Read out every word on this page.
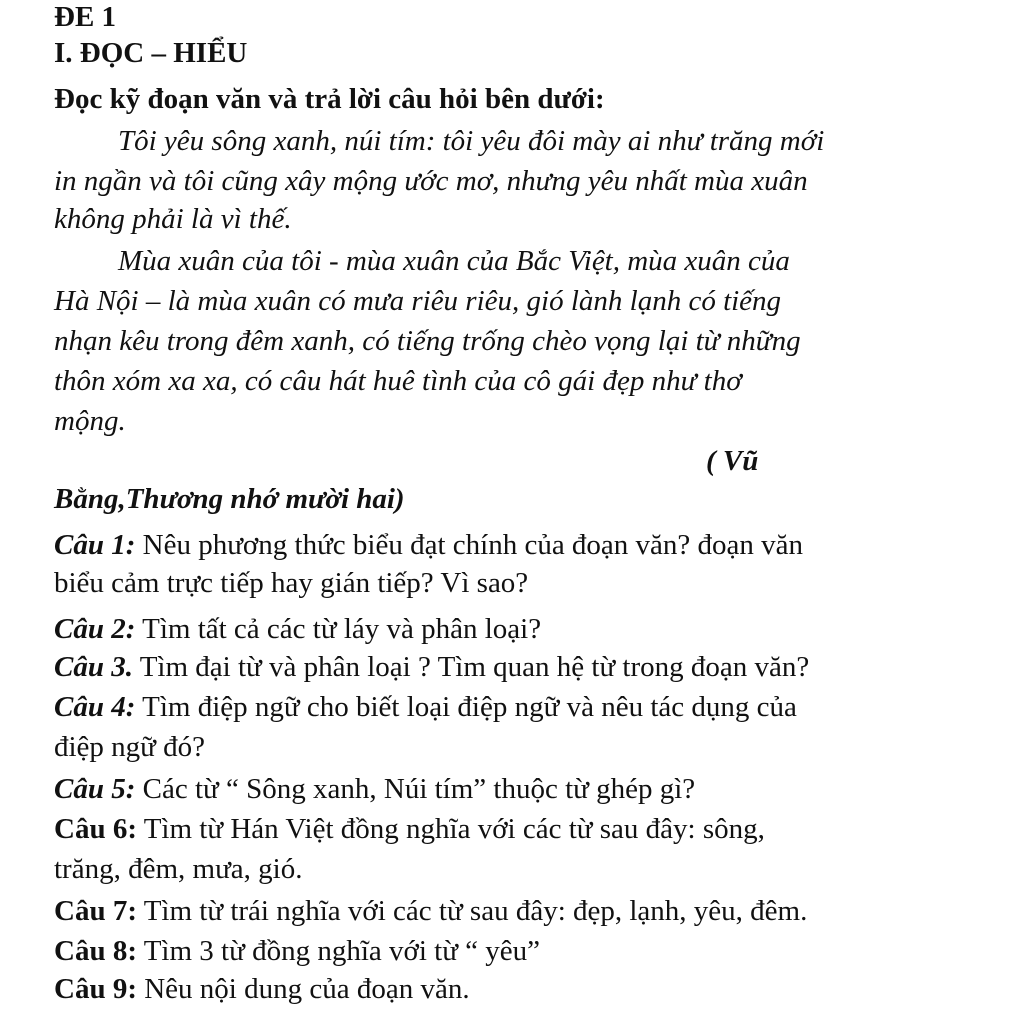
ĐE 1
I. ĐỌC – HIỂU
Đọc kỹ đoạn văn và trả lời câu hỏi bên dưới:
Tôi yêu sông xanh, núi tím: tôi yêu đôi mày ai như trăng mới
in ngần và tôi cũng xây mộng ước mơ, nhưng yêu nhất mùa xuân
không phải là vì thế.
Mùa xuân của tôi - mùa xuân của Bắc Việt, mùa xuân của
Hà Nội – là mùa xuân có mưa riêu riêu, gió lành lạnh có tiếng
nhạn kêu trong đêm xanh, có tiếng trống chèo vọng lại từ những
thôn xóm xa xa, có câu hát huê tình của cô gái đẹp như thơ
mộng.
( Vũ
Bằng,Thương nhớ mười hai)
Câu 1: Nêu phương thức biểu đạt chính của đoạn văn? đoạn văn
biểu cảm trực tiếp hay gián tiếp? Vì sao?
Câu 2: Tìm tất cả các từ láy và phân loại?
Câu 3. Tìm đại từ và phân loại ? Tìm quan hệ từ trong đoạn văn?
Câu 4: Tìm điệp ngữ cho biết loại điệp ngữ và nêu tác dụng của
điệp ngữ đó?
Câu 5: Các từ “ Sông xanh, Núi tím” thuộc từ ghép gì?
Câu 6: Tìm từ Hán Việt đồng nghĩa với các từ sau đây: sông,
trăng, đêm, mưa, gió.
Câu 7: Tìm từ trái nghĩa với các từ sau đây: đẹp, lạnh, yêu, đêm.
Câu 8: Tìm 3 từ đồng nghĩa với từ “ yêu”
Câu 9: Nêu nội dung của đoạn văn.
